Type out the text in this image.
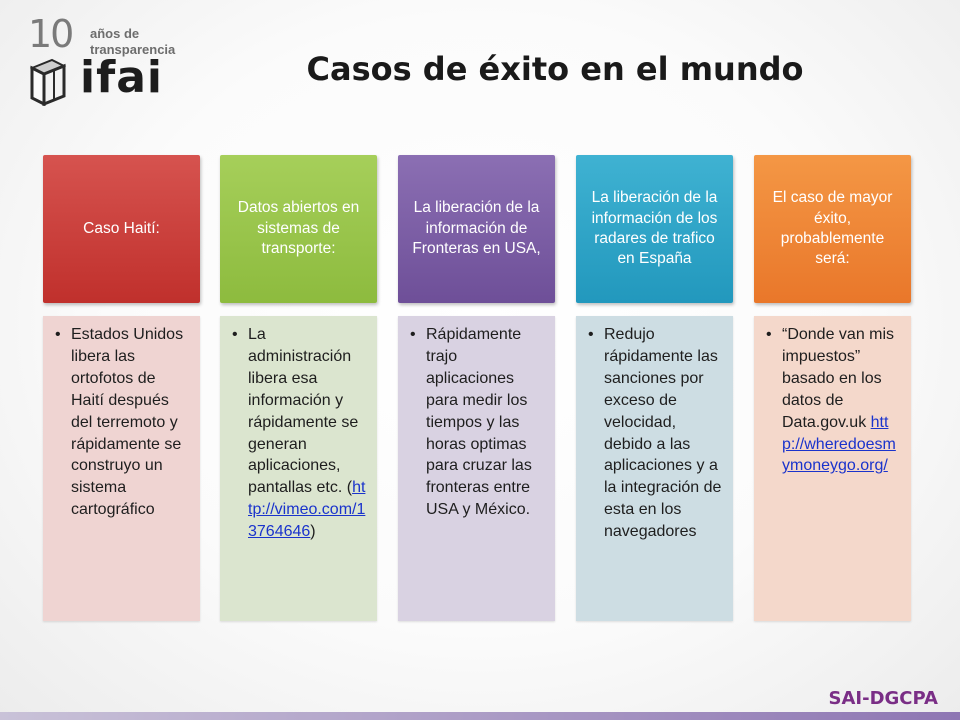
10 años de
transparencia
ifai	Casos de éxito en el mundo
Caso Haití:
• Estados Unidos libera las ortofotos de Haití después del terremoto y rápidamente se construyo un sistema cartográfico
Datos abiertos en sistemas de transporte:
• La administración libera esa información y rápidamente se generan aplicaciones, pantallas etc. (http://vimeo.com/13764646)
La liberación de la información de Fronteras en USA,
• Rápidamente trajo aplicaciones para medir los tiempos y las horas optimas para cruzar las fronteras entre USA y México.
La liberación de la información de los radares de trafico en España
• Redujo rápidamente las sanciones por exceso de velocidad, debido a las aplicaciones y a la integración de esta en los navegadores
El caso de mayor éxito, probablemente será:
• “Donde van mis impuestos” basado en los datos de Data.gov.uk http://wheredoesmymoneygo.org/
SAI-DGCPA
